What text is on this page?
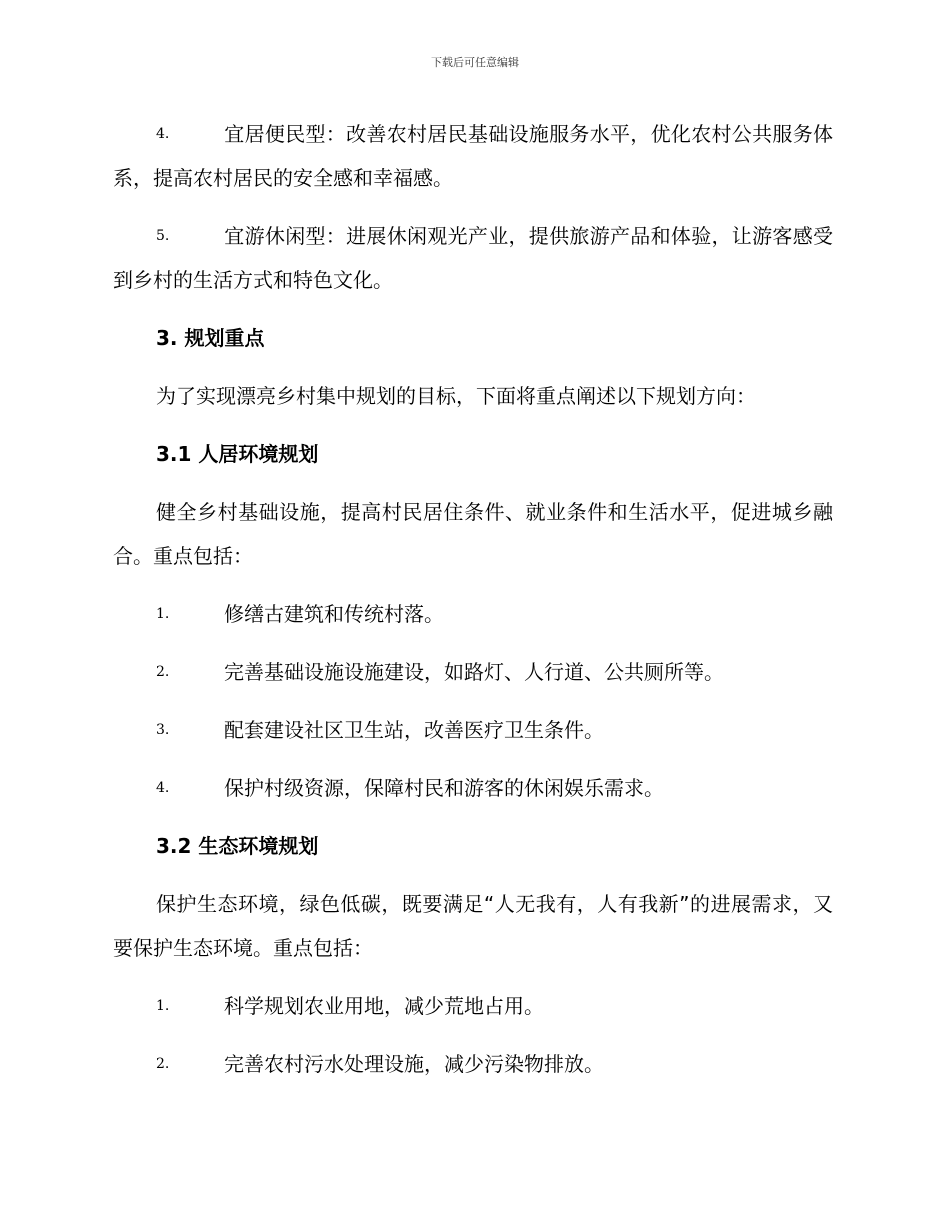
下载后可任意编辑
4.	宜居便民型：改善农村居民基础设施服务水平，优化农村公共服务体系，提高农村居民的安全感和幸福感。
5.	宜游休闲型：进展休闲观光产业，提供旅游产品和体验，让游客感受到乡村的生活方式和特色文化。
3. 规划重点

为了实现漂亮乡村集中规划的目标，下面将重点阐述以下规划方向：

3.1 人居环境规划

健全乡村基础设施，提高村民居住条件、就业条件和生活水平，促进城乡融合。重点包括：

1.	修缮古建筑和传统村落。
2.	完善基础设施设施建设，如路灯、人行道、公共厕所等。
3.	配套建设社区卫生站，改善医疗卫生条件。
4.	保护村级资源，保障村民和游客的休闲娱乐需求。
3.2 生态环境规划

保护生态环境，绿色低碳，既要满足“人无我有，人有我新”的进展需求，又要保护生态环境。重点包括：

1.	科学规划农业用地，减少荒地占用。
2.	完善农村污水处理设施，减少污染物排放。
